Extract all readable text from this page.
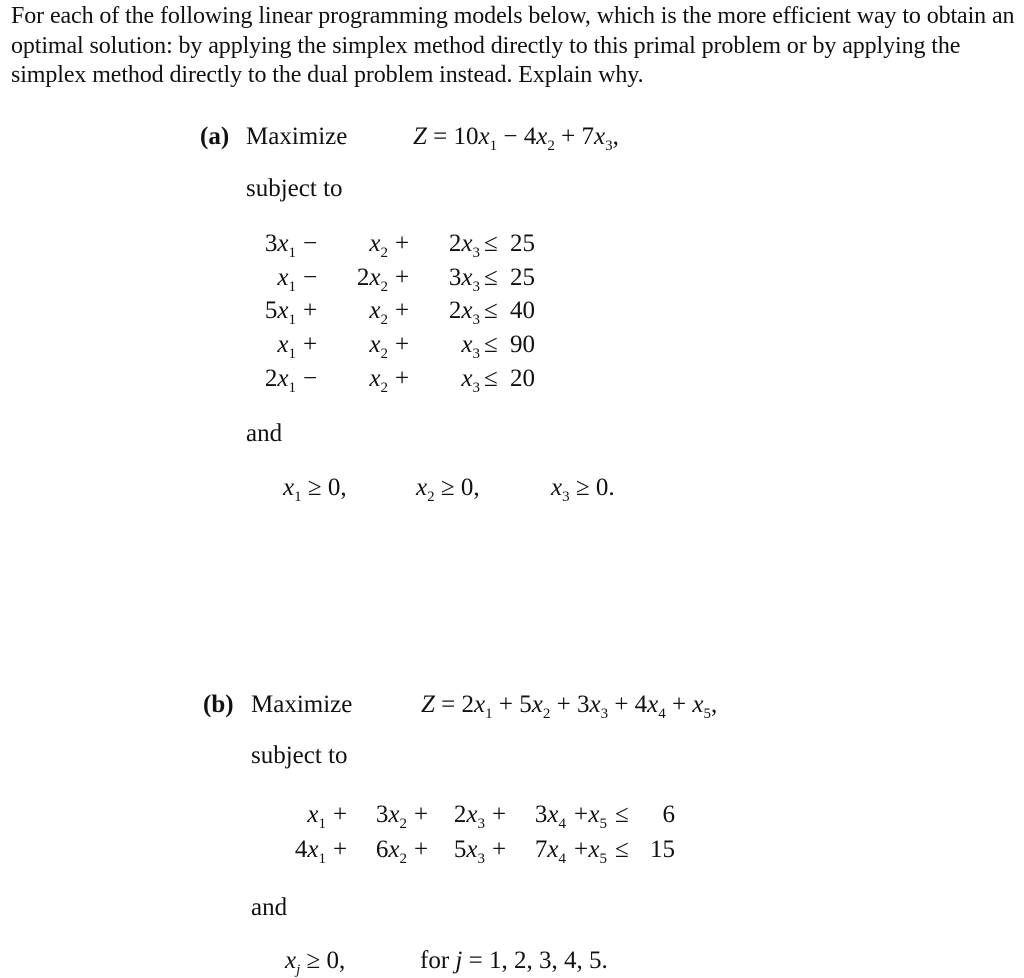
For each of the following linear programming models below, which is the more efficient way to obtain an optimal solution: by applying the simplex method directly to this primal problem or by applying the simplex method directly to the dual problem instead. Explain why.

(a) Maximize	$Z = 10x_1 - 4x_2 + 7x_3$,
subject to
$3x_1 - x_2 + 2x_3 \le 25$
$x_1 - 2x_2 + 3x_3 \le 25$
$5x_1 + x_2 + 2x_3 \le 40$
$x_1 + x_2 + x_3 \le 90$
$2x_1 - x_2 + x_3 \le 20$
and
$x_1 \ge 0$,	$x_2 \ge 0$,	$x_3 \ge 0$.
(b) Maximize	$Z = 2x_1 + 5x_2 + 3x_3 + 4x_4 + x_5$,
subject to
$x_1 + 3x_2 + 2x_3 + 3x_4 + x_5 \le 6$
$4x_1 + 6x_2 + 5x_3 + 7x_4 + x_5 \le 15$
and
$x_j \ge 0$,	for j = 1, 2, 3, 4, 5.
